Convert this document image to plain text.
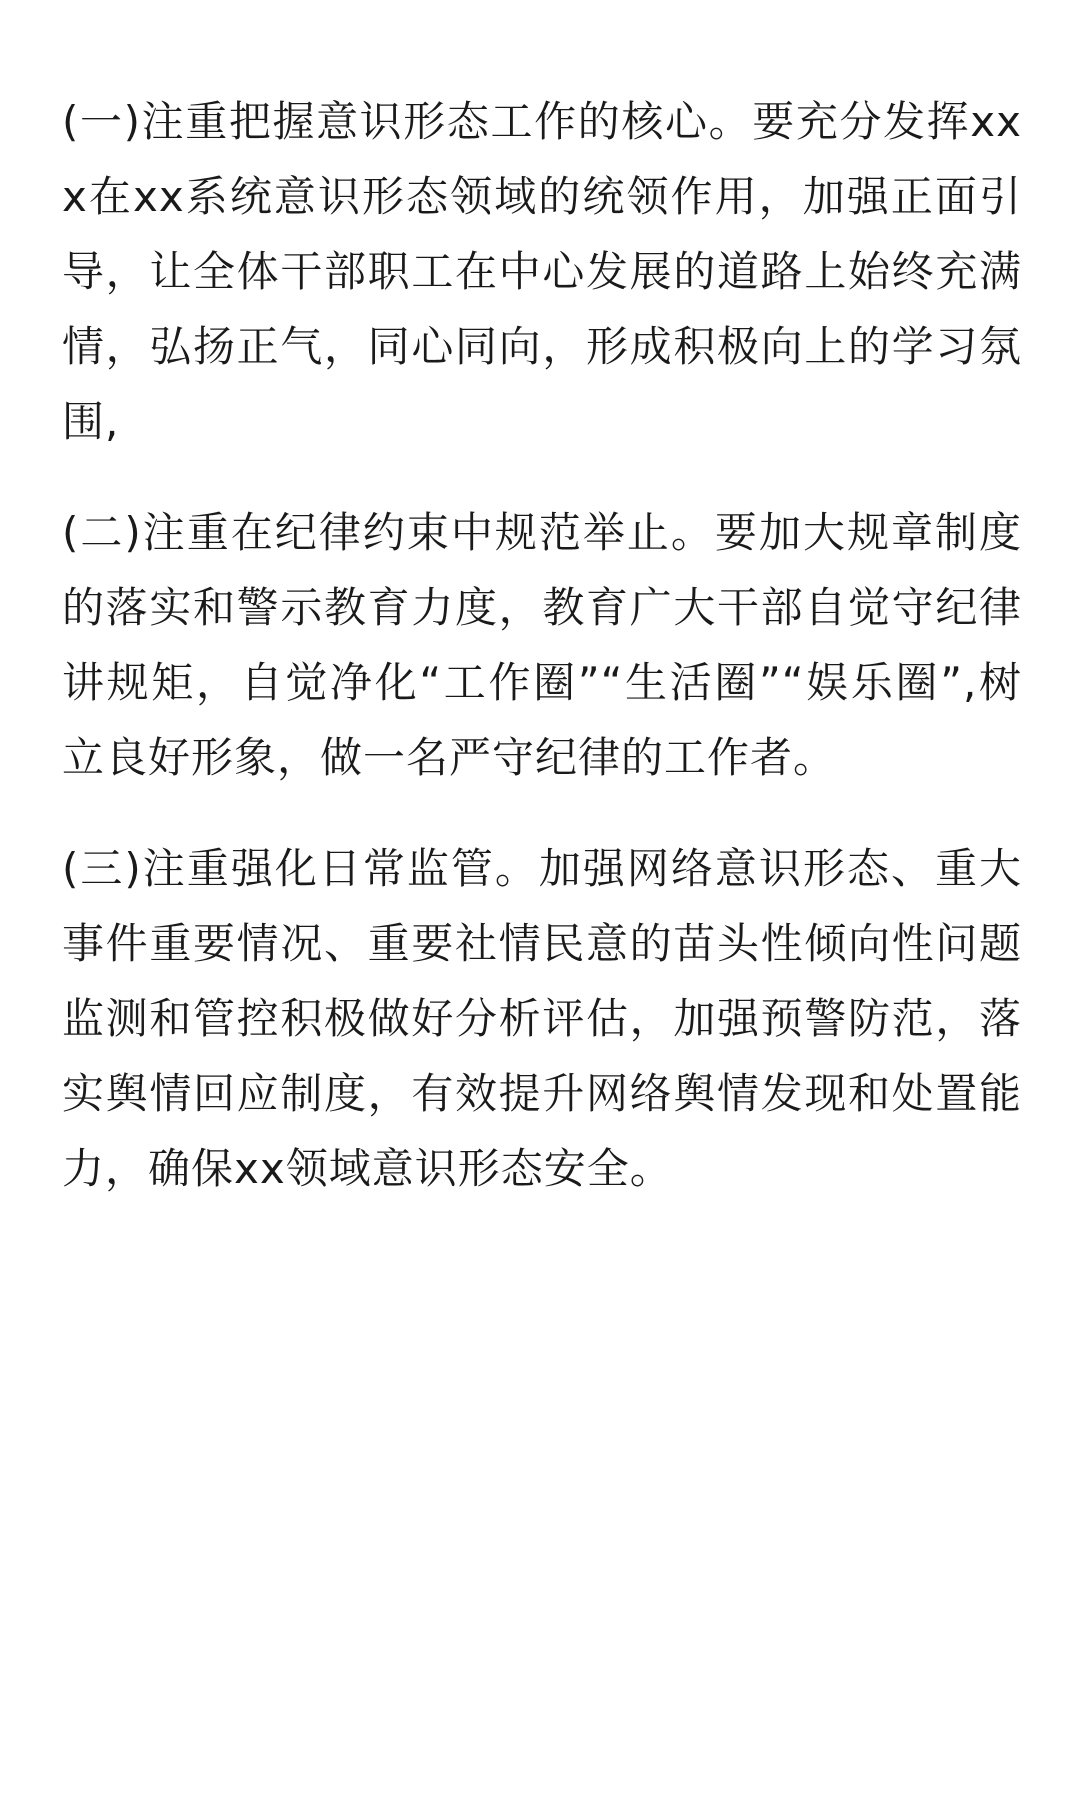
(一)注重把握意识形态工作的核心。要充分发挥xxx在xx系统意识形态领域的统领作用，加强正面引导，让全体干部职工在中心发展的道路上始终充满情，弘扬正气，同心同向，形成积极向上的学习氛围,

(二)注重在纪律约束中规范举止。要加大规章制度的落实和警示教育力度，教育广大干部自觉守纪律讲规矩，自觉净化“工作圈”“生活圈”“娱乐圈”,树立良好形象，做一名严守纪律的工作者。

(三)注重强化日常监管。加强网络意识形态、重大事件重要情况、重要社情民意的苗头性倾向性问题监测和管控积极做好分析评估，加强预警防范，落实舆情回应制度，有效提升网络舆情发现和处置能力，确保xx领域意识形态安全。
